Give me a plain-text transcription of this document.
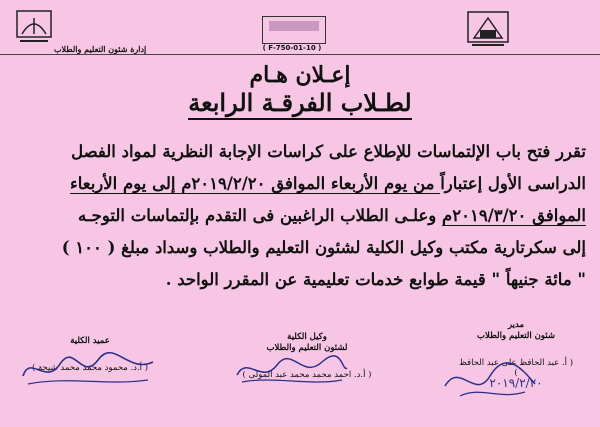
( F-750-01-10 )
إدارة شئون التعليم والطلاب
إعـلان هـام
لطـلاب الفرقـة الرابعة
تقرر فتح باب الإلتماسات للإطلاع على كراسات الإجابة النظرية لمواد الفصل
الدراسى الأول إعتباراً من يوم الأربعاء الموافق ٢٠١٩/٢/٢٠م إلى يوم الأربعاء
الموافق ٢٠١٩/٣/٢٠م وعلـى الطلاب الراغبين فى التقدم بإلتماسات التوجـه
إلى سكرتارية مكتب وكيل الكلية لشئون التعليم والطلاب وسداد مبلغ ( ١٠٠ )
" مائة جنيهاً " قيمة طوابع خدمات تعليمية عن المقرر الواحد .
مدير
شئون التعليم والطلاب
( أ. عبد الحافظ على عبد الحافظ )
٢٠١٩/٢/٢٠
وكيل الكلية
لشئون التعليم والطلاب
( أ.د. احمد محمد محمد عبد المولى )
عميد الكلية
( أ.د. محمود محمد محمد شيحة )
